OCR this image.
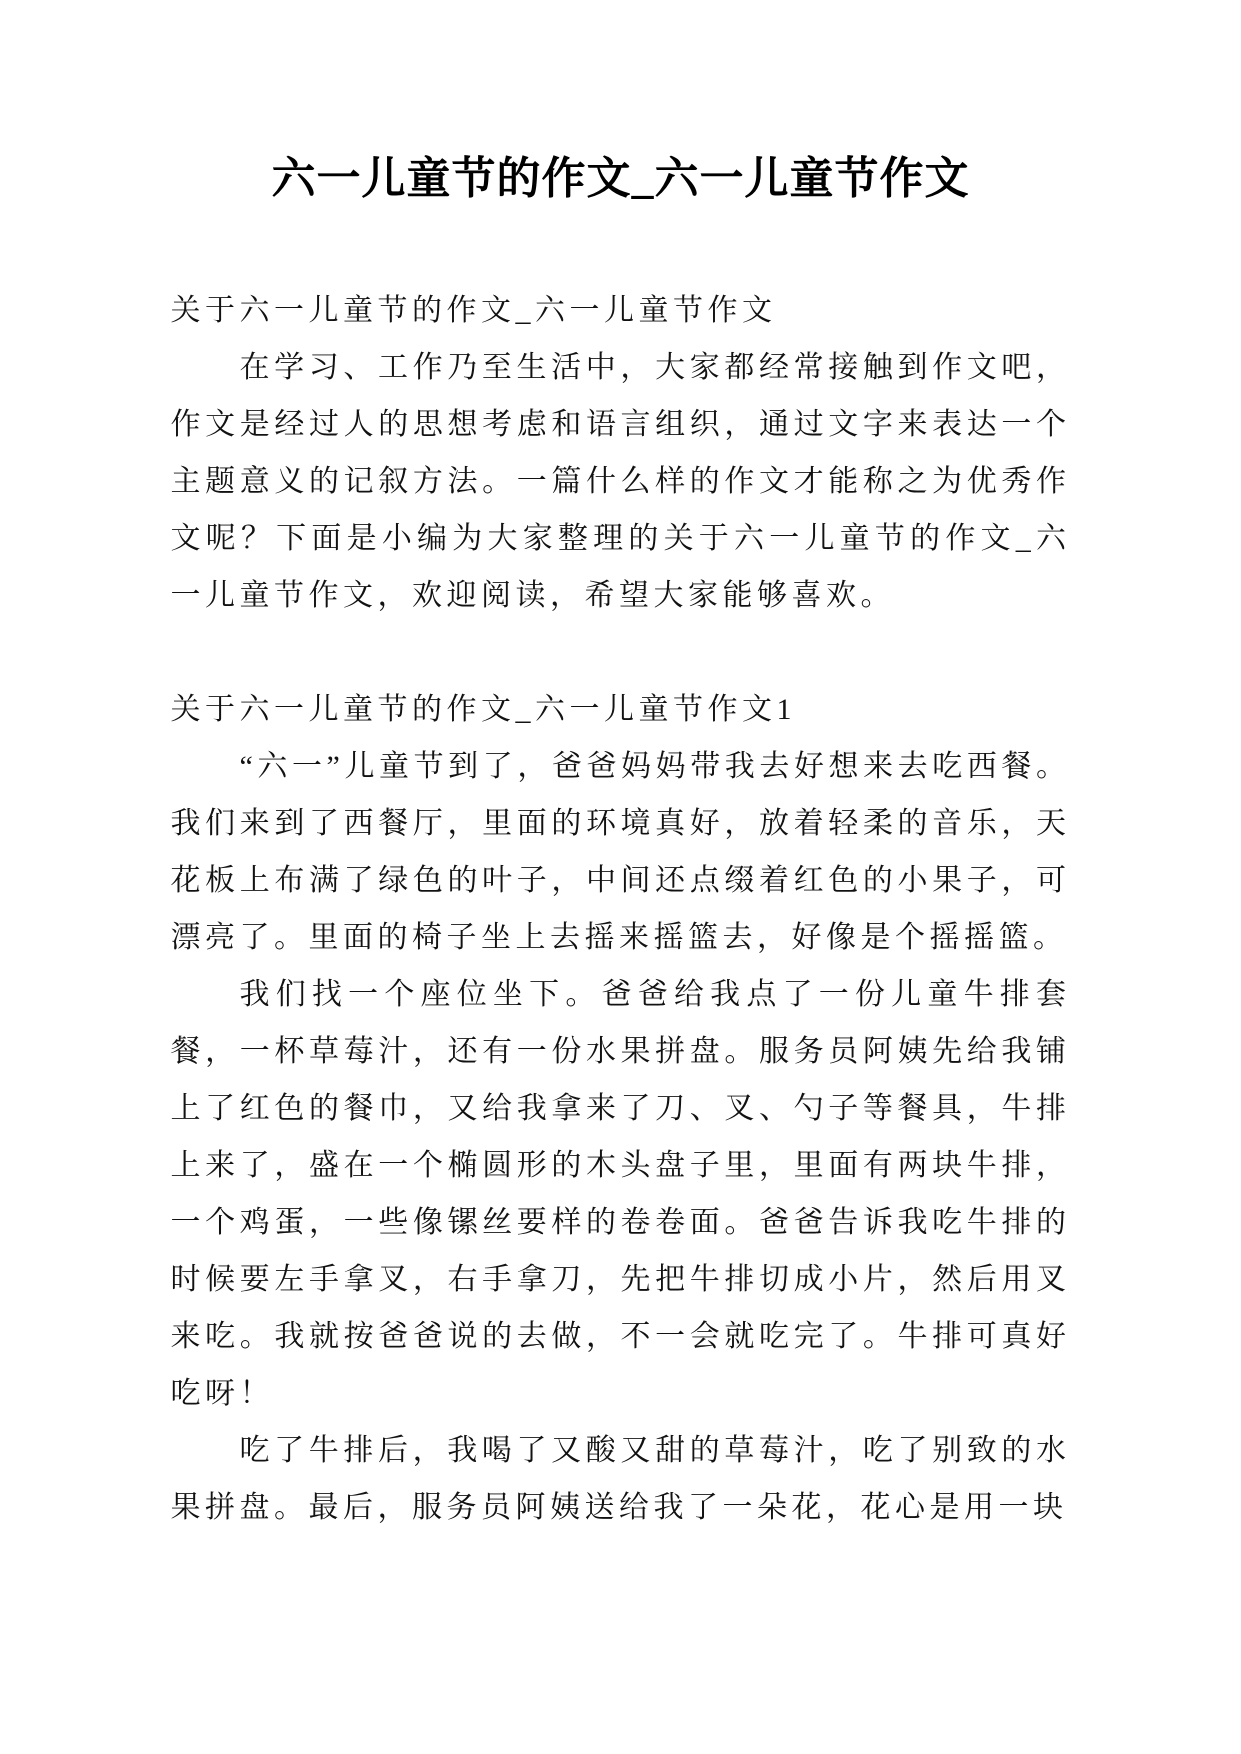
六一儿童节的作文_六一儿童节作文

关于六一儿童节的作文_六一儿童节作文

在学习、工作乃至生活中，大家都经常接触到作文吧，作文是经过人的思想考虑和语言组织，通过文字来表达一个主题意义的记叙方法。一篇什么样的作文才能称之为优秀作文呢？下面是小编为大家整理的关于六一儿童节的作文_六一儿童节作文，欢迎阅读，希望大家能够喜欢。

关于六一儿童节的作文_六一儿童节作文1

“六一”儿童节到了，爸爸妈妈带我去好想来去吃西餐。我们来到了西餐厅，里面的环境真好，放着轻柔的音乐，天花板上布满了绿色的叶子，中间还点缀着红色的小果子，可漂亮了。里面的椅子坐上去摇来摇篮去，好像是个摇摇篮。

我们找一个座位坐下。爸爸给我点了一份儿童牛排套餐，一杯草莓汁，还有一份水果拼盘。服务员阿姨先给我铺上了红色的餐巾，又给我拿来了刀、叉、勺子等餐具，牛排上来了，盛在一个椭圆形的木头盘子里，里面有两块牛排，一个鸡蛋，一些像镙丝要样的卷卷面。爸爸告诉我吃牛排的时候要左手拿叉，右手拿刀，先把牛排切成小片，然后用叉来吃。我就按爸爸说的去做，不一会就吃完了。牛排可真好吃呀！

吃了牛排后，我喝了又酸又甜的草莓汁，吃了别致的水果拼盘。最后，服务员阿姨送给我了一朵花，花心是用一块
